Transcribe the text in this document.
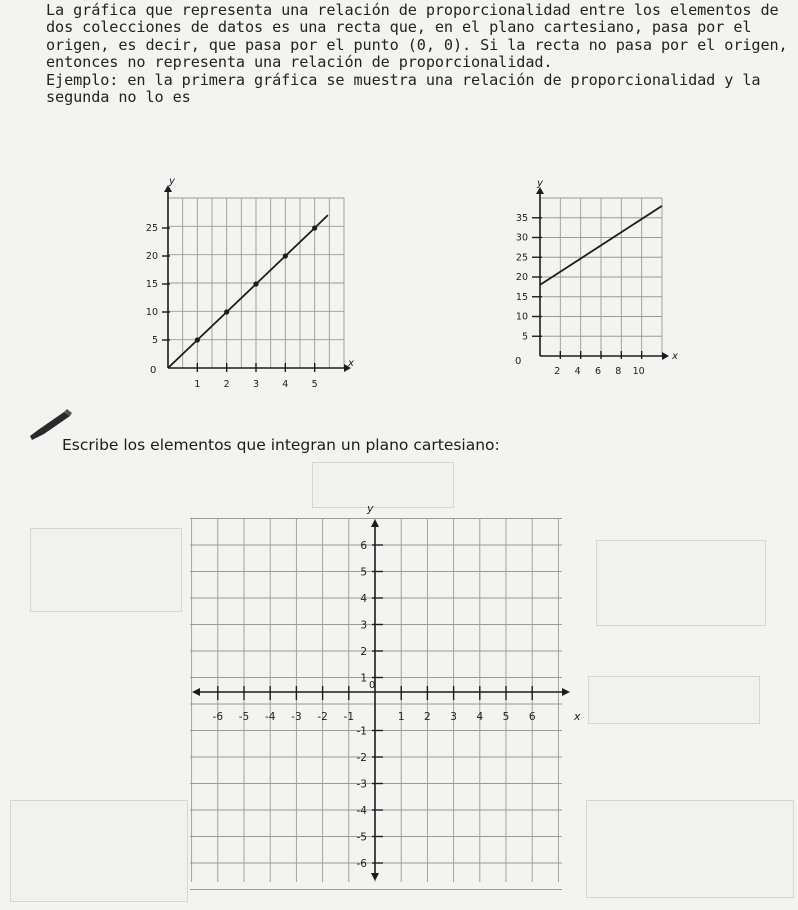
La gráfica que representa una relación de proporcionalidad entre los elementos de dos colecciones de datos es una recta que, en el plano cartesiano, pasa por el origen, es decir, que pasa por el punto (0, 0). Si la recta no pasa por el origen, entonces no representa una relación de proporcionalidad.

Ejemplo: en la primera gráfica se muestra una relación de proporcionalidad y la segunda no lo es

y
x
0
1 2 3 4 5
5
10
15
20
25
y
x
0
2 4 6 8 10
5
10
15
20
25
30
35
Escribe los elementos que integran un plano cartesiano:
y
x
0
-6 -5 -4 -3 -2 -1	1 2 3 4 5 6
6
5
4
3
2
1
-1
-2
-3
-4
-5
-6
